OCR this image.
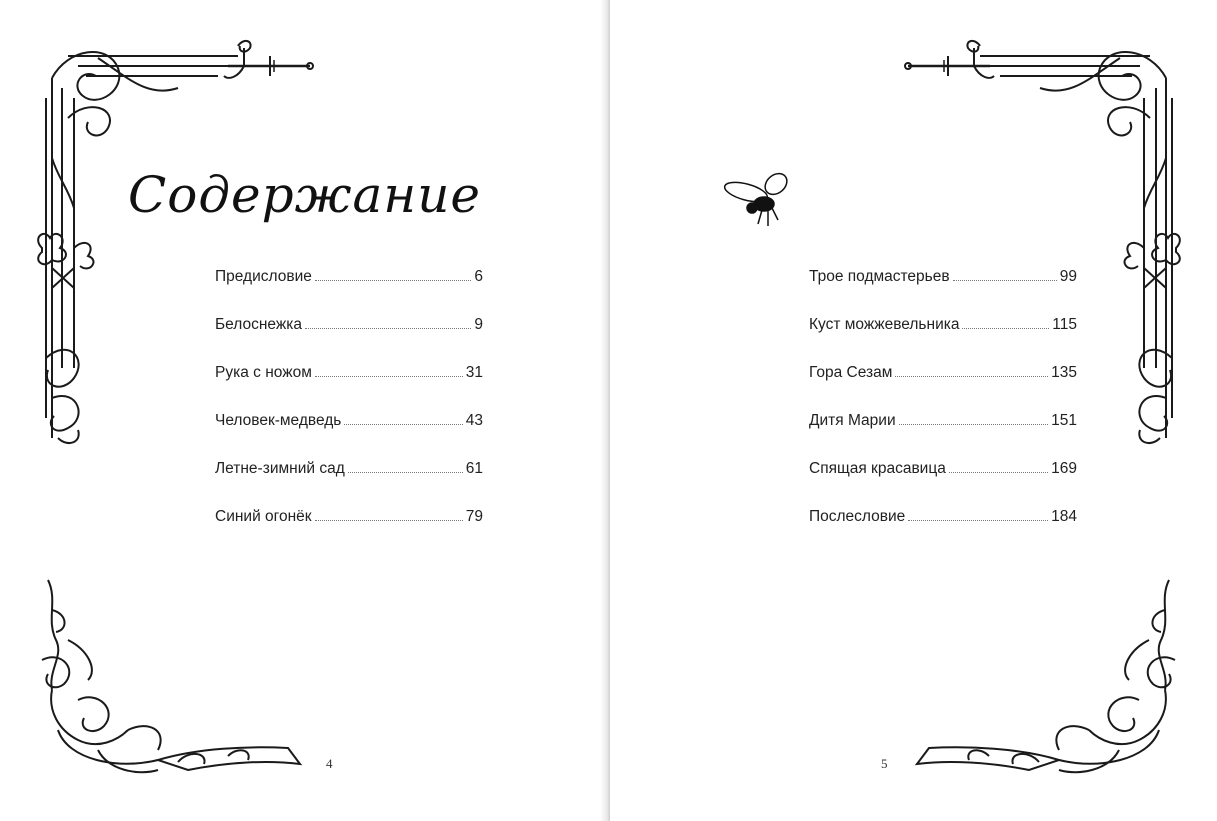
Содержание
Предисловие	6
Белоснежка	9
Рука с ножом	31
Человек-медведь	43
Летне-зимний сад	61
Синий огонёк	79
4
Трое подмастерьев	99
Куст можжевельника	115
Гора Сезам	135
Дитя Марии	151
Спящая красавица	169
Послесловие	184
5
